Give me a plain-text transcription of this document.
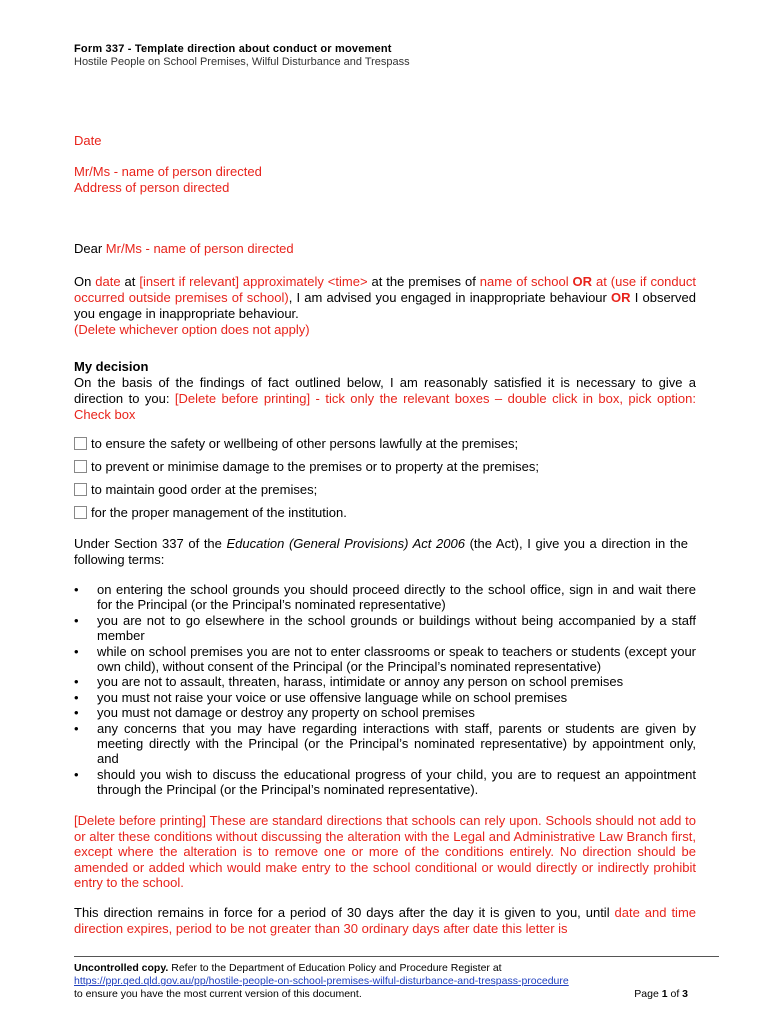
Form 337 - Template direction about conduct or movement
Hostile People on School Premises, Wilful Disturbance and Trespass
Date
Mr/Ms - name of person directed
Address of person directed
Dear Mr/Ms - name of person directed
On date at [insert if relevant] approximately <time> at the premises of name of school OR at (use if conduct occurred outside premises of school), I am advised you engaged in inappropriate behaviour OR I observed you engage in inappropriate behaviour.
(Delete whichever option does not apply)
My decision
On the basis of the findings of fact outlined below, I am reasonably satisfied it is necessary to give a direction to you: [Delete before printing] - tick only the relevant boxes – double click in box, pick option: Check box
to ensure the safety or wellbeing of other persons lawfully at the premises;
to prevent or minimise damage to the premises or to property at the premises;
to maintain good order at the premises;
for the proper management of the institution.
Under Section 337 of the Education (General Provisions) Act 2006 (the Act), I give you a direction in the following terms:
• on entering the school grounds you should proceed directly to the school office, sign in and wait there for the Principal (or the Principal’s nominated representative)
• you are not to go elsewhere in the school grounds or buildings without being accompanied by a staff member
• while on school premises you are not to enter classrooms or speak to teachers or students (except your own child), without consent of the Principal (or the Principal’s nominated representative)
• you are not to assault, threaten, harass, intimidate or annoy any person on school premises
• you must not raise your voice or use offensive language while on school premises
• you must not damage or destroy any property on school premises
• any concerns that you may have regarding interactions with staff, parents or students are given by meeting directly with the Principal (or the Principal’s nominated representative) by appointment only, and
• should you wish to discuss the educational progress of your child, you are to request an appointment through the Principal (or the Principal’s nominated representative).
[Delete before printing] These are standard directions that schools can rely upon. Schools should not add to or alter these conditions without discussing the alteration with the Legal and Administrative Law Branch first, except where the alteration is to remove one or more of the conditions entirely. No direction should be amended or added which would make entry to the school conditional or would directly or indirectly prohibit entry to the school.
This direction remains in force for a period of 30 days after the day it is given to you, until date and time direction expires, period to be not greater than 30 ordinary days after date this letter is
Uncontrolled copy. Refer to the Department of Education Policy and Procedure Register at
https://ppr.qed.qld.gov.au/pp/hostile-people-on-school-premises-wilful-disturbance-and-trespass-procedure
to ensure you have the most current version of this document.	Page 1 of 3
